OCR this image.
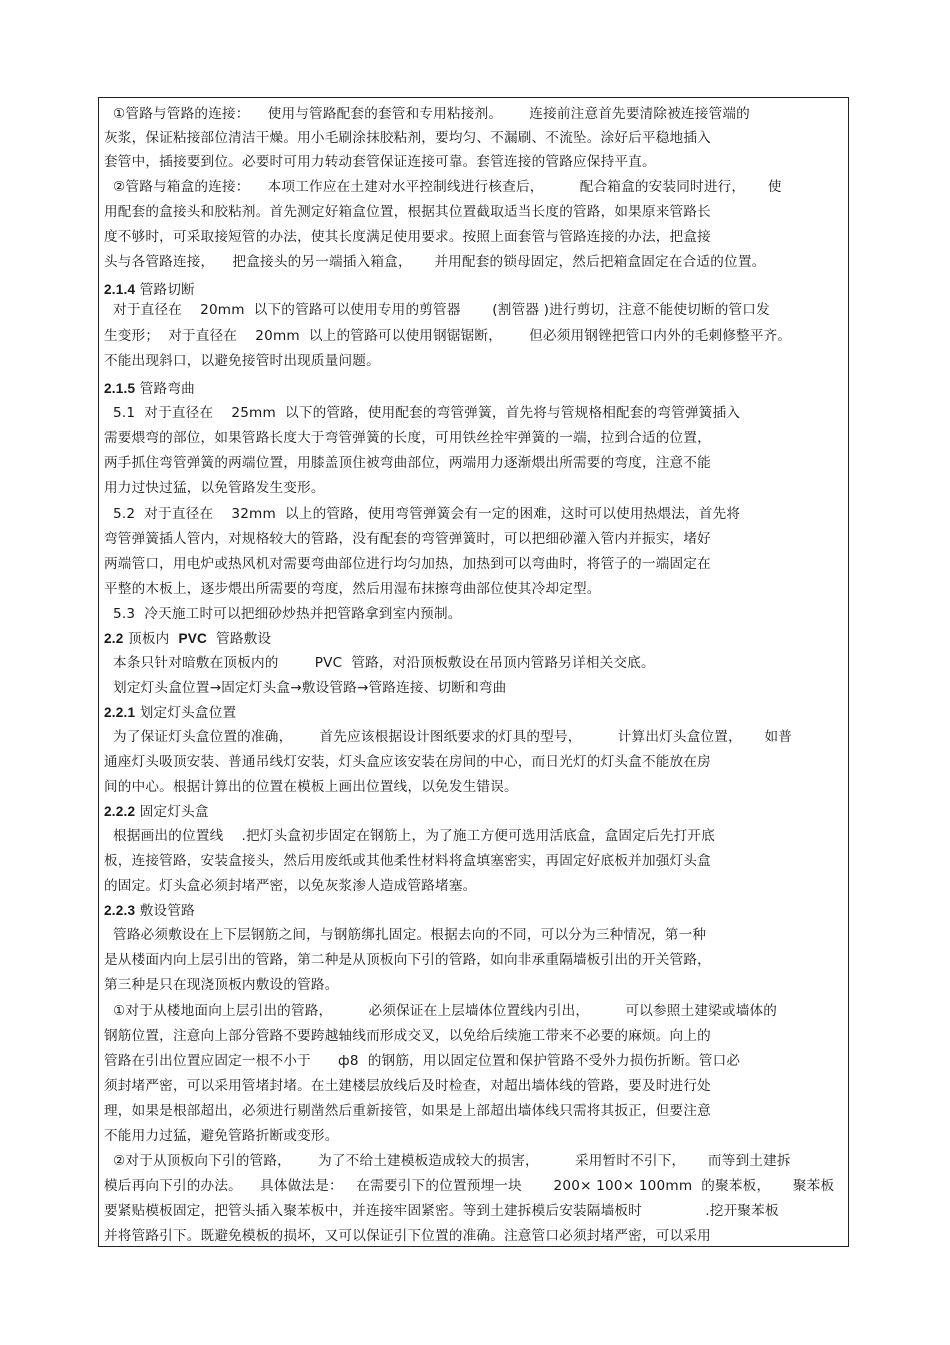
①管路与管路的连接：    使用与管路配套的套管和专用粘接剂。      连接前注意首先要清除被连接管端的
灰浆，保证粘接部位清洁干燥。用小毛刷涂抹胶粘剂，要均匀、不漏刷、不流坠。涂好后平稳地插入
套管中，插接要到位。必要时可用力转动套管保证连接可靠。套管连接的管路应保持平直。
②管路与箱盒的连接：    本项工作应在土建对水平控制线进行核查后，        配合箱盒的安装同时进行，     使
用配套的盒接头和胶粘剂。首先测定好箱盒位置，根据其位置截取适当长度的管路，如果原来管路长
度不够时，可采取接短管的办法，使其长度满足使用要求。按照上面套管与管路连接的办法，把盒接
头与各管路连接，    把盒接头的另一端插入箱盒，     并用配套的锁母固定，然后把箱盒固定在合适的位置。
2.1.4 管路切断
对于直径在    20mm  以下的管路可以使用专用的剪管器       (割管器 )进行剪切，注意不能使切断的管口发
生变形；  对于直径在    20mm  以上的管路可以使用钢锯锯断，      但必须用钢锉把管口内外的毛刺修整平齐。
不能出现斜口，以避免接管时出现质量问题。
2.1.5 管路弯曲
5.1  对于直径在    25mm  以下的管路，使用配套的弯管弹簧，首先将与管规格相配套的弯管弹簧插入
需要煨弯的部位，如果管路长度大于弯管弹簧的长度，可用铁丝拴牢弹簧的一端，拉到合适的位置，
两手抓住弯管弹簧的两端位置，用膝盖顶住被弯曲部位，两端用力逐渐煨出所需要的弯度，注意不能
用力过快过猛，以免管路发生变形。
5.2  对于直径在    32mm  以上的管路，使用弯管弹簧会有一定的困难，这时可以使用热煨法，首先将
弯管弹簧插人管内，对规格较大的管路，没有配套的弯管弹簧时，可以把细砂灌入管内并振实，堵好
两端管口，用电炉或热风机对需要弯曲部位进行均匀加热，加热到可以弯曲时，将管子的一端固定在
平整的木板上，逐步煨出所需要的弯度，然后用湿布抹擦弯曲部位使其冷却定型。
5.3  冷天施工时可以把细砂炒热并把管路拿到室内预制。
2.2 顶板内  PVC  管路敷设
本条只针对暗敷在顶板内的        PVC  管路，对沿顶板敷设在吊顶内管路另详相关交底。
划定灯头盒位置→固定灯头盒→敷设管路→管路连接、切断和弯曲
2.2.1 划定灯头盒位置
为了保证灯头盒位置的准确，      首先应该根据设计图纸要求的灯具的型号，        计算出灯头盒位置，     如普
通座灯头吸顶安装、普通吊线灯安装，灯头盒应该安装在房间的中心，而日光灯的灯头盒不能放在房
间的中心。根据计算出的位置在模板上画出位置线，以免发生错误。
2.2.2 固定灯头盒
根据画出的位置线    .把灯头盒初步固定在钢筋上，为了施工方便可选用活底盒，盒固定后先打开底
板，连接管路，安装盒接头，然后用废纸或其他柔性材料将盒填塞密实，再固定好底板并加强灯头盒
的固定。灯头盒必须封堵严密，以免灰浆渗人造成管路堵塞。
2.2.3 敷设管路
管路必须敷设在上下层钢筋之间，与钢筋绑扎固定。根据去向的不同，可以分为三种情况，第一种
是从楼面内向上层引出的管路，第二种是从顶板向下引的管路，如向非承重隔墙板引出的开关管路，
第三种是只在现浇顶板内敷设的管路。
①对于从楼地面向上层引出的管路，        必须保证在上层墙体位置线内引出，        可以参照土建梁或墙体的
钢筋位置，注意向上部分管路不要跨越轴线而形成交叉，以免给后续施工带来不必要的麻烦。向上的
管路在引出位置应固定一根不小于      ф8  的钢筋，用以固定位置和保护管路不受外力损伤折断。管口必
须封堵严密，可以采用管堵封堵。在土建楼层放线后及时检查，对超出墙体线的管路，要及时进行处
理，如果是根部超出，必须进行剔凿然后重新接管，如果是上部超出墙体线只需将其扳正，但要注意
不能用力过猛，避免管路折断或变形。
②对于从顶板向下引的管路，      为了不给土建模板造成较大的损害，        采用暂时不引下，     而等到土建拆
模后再向下引的办法。    具体做法是：   在需要引下的位置预埋一块       200× 100× 100mm  的聚苯板，     聚苯板
要紧贴模板固定，把管头插入聚苯板中，并连接牢固紧密。等到土建拆模后安装隔墙板时              .挖开聚苯板
并将管路引下。既避免模板的损坏，又可以保证引下位置的准确。注意管口必须封堵严密，可以采用
